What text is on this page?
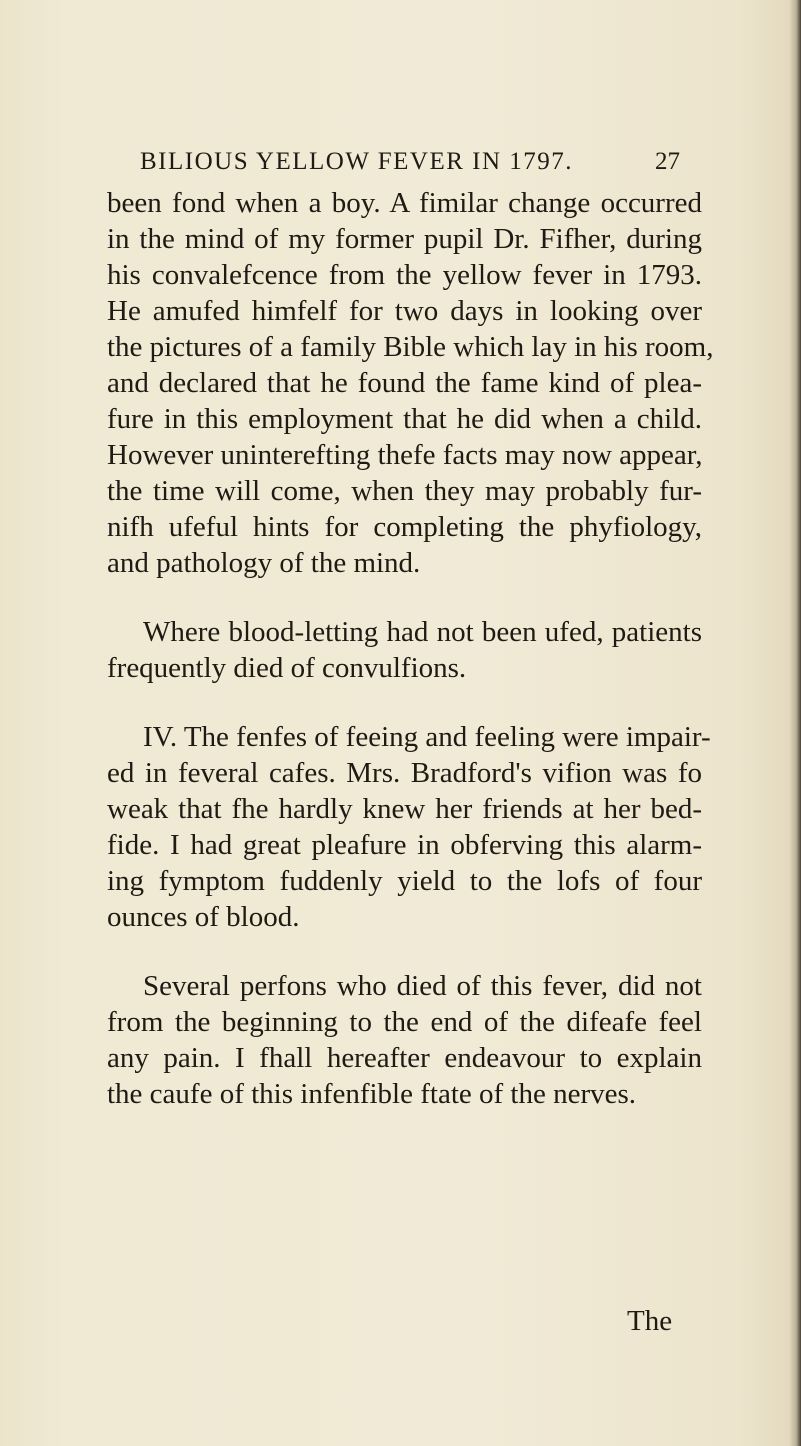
BILIOUS YELLOW FEVER IN 1797.	27
been fond when a boy. A fimilar change occurred
in the mind of my former pupil Dr. Fifher, during
his convalefcence from the yellow fever in 1793.
He amufed himfelf for two days in looking over
the pictures of a family Bible which lay in his room,
and declared that he found the fame kind of plea-
fure in this employment that he did when a child.
However uninterefting thefe facts may now appear,
the time will come, when they may probably fur-
nifh ufeful hints for completing the phyfiology,
and pathology of the mind.
Where blood-letting had not been ufed, patients
frequently died of convulfions.
IV. The fenfes of feeing and feeling were impair-
ed in feveral cafes. Mrs. Bradford's vifion was fo
weak that fhe hardly knew her friends at her bed-
fide. I had great pleafure in obferving this alarm-
ing fymptom fuddenly yield to the lofs of four
ounces of blood.
Several perfons who died of this fever, did not
from the beginning to the end of the difeafe feel
any pain. I fhall hereafter endeavour to explain
the caufe of this infenfible ftate of the nerves.
The
